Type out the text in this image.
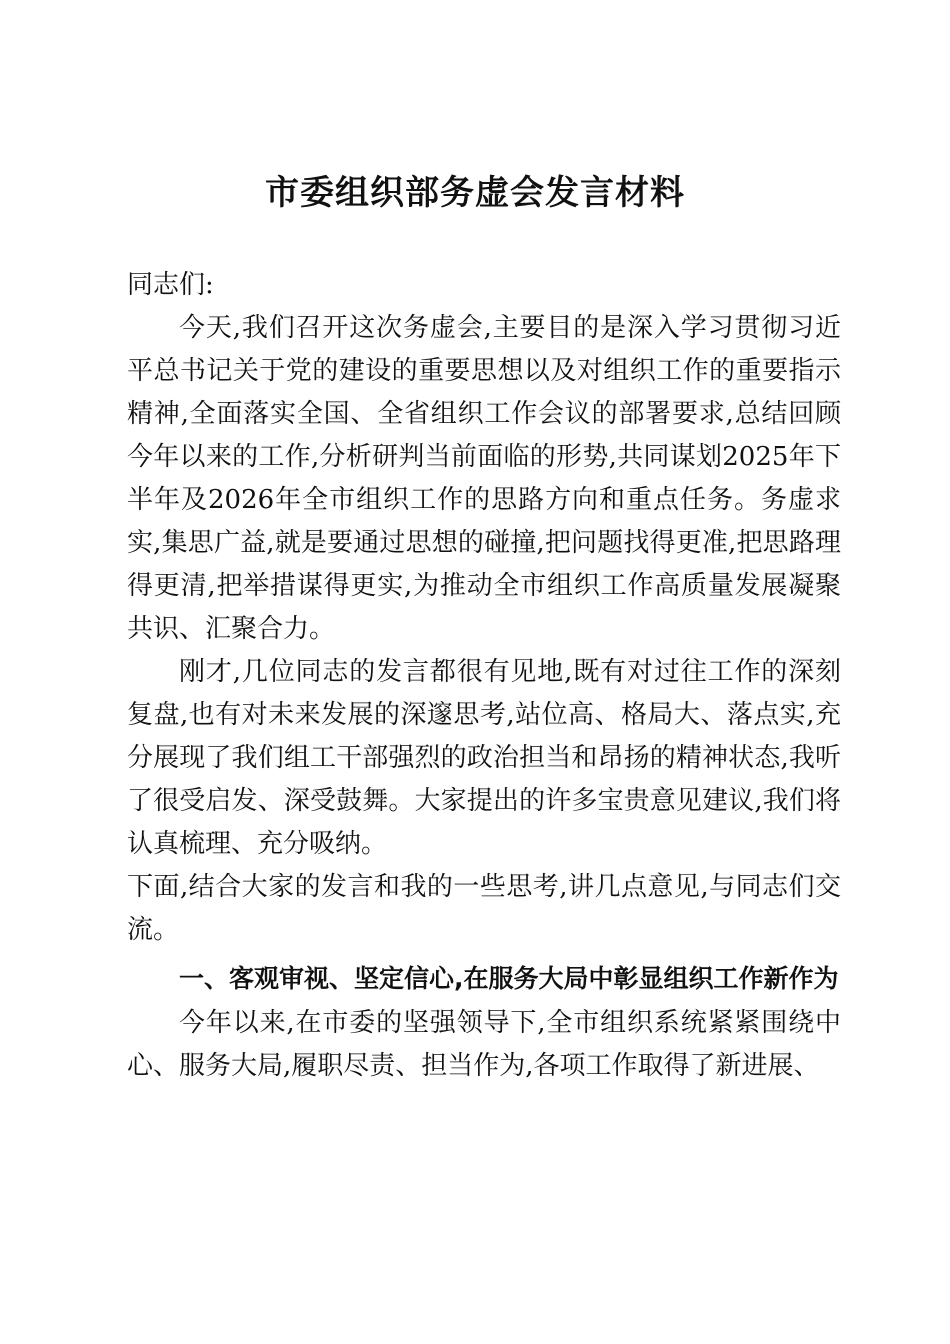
市委组织部务虚会发言材料

同志们:

今天,我们召开这次务虚会,主要目的是深入学习贯彻习近平总书记关于党的建设的重要思想以及对组织工作的重要指示精神,全面落实全国、全省组织工作会议的部署要求,总结回顾今年以来的工作,分析研判当前面临的形势,共同谋划2025年下半年及2026年全市组织工作的思路方向和重点任务。务虚求实,集思广益,就是要通过思想的碰撞,把问题找得更准,把思路理得更清,把举措谋得更实,为推动全市组织工作高质量发展凝聚共识、汇聚合力。

刚才,几位同志的发言都很有见地,既有对过往工作的深刻复盘,也有对未来发展的深邃思考,站位高、格局大、落点实,充分展现了我们组工干部强烈的政治担当和昂扬的精神状态,我听了很受启发、深受鼓舞。大家提出的许多宝贵意见建议,我们将认真梳理、充分吸纳。

下面,结合大家的发言和我的一些思考,讲几点意见,与同志们交流。

一、客观审视、坚定信心,在服务大局中彰显组织工作新作为

今年以来,在市委的坚强领导下,全市组织系统紧紧围绕中心、服务大局,履职尽责、担当作为,各项工作取得了新进展、
